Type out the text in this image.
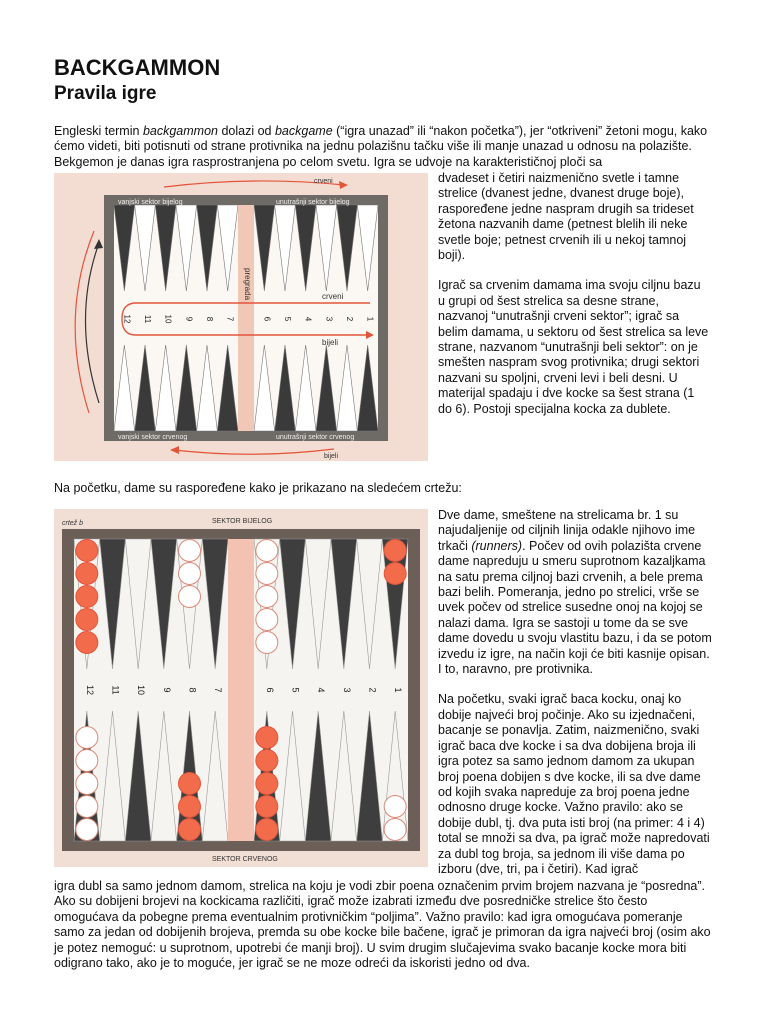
BACKGAMMON
Pravila igre

Engleski termin backgammon dolazi od backgame (“igra unazad” ili “nakon početka”), jer “otkriveni” žetoni mogu, kako ćemo videti, biti potisnuti od strane protivnika na jednu polazišnu tačku više ili manje unazad u odnosu na polazište. Bekgemon je danas igra rasprostranjena po celom svetu. Igra se udvoje na karakterističnoj ploči sa

pregrada
vanjski sektor bijelog	unutrašnji sektor bijelog
vanjski sektor crvenog	unutrašnji sektor crvenog
crveni
bijeli
12 11 10 9 8 7	6 5 4 3 2 1
crveni
bijeli

dvadeset i četiri naizmenično svetle i tamne strelice (dvanest jedne, dvanest druge boje), raspoređene jedne naspram drugih sa trideset žetona nazvanih dame (petnest blelih ili neke svetle boje; petnest crvenih ili u nekoj tamnoj boji).

Igrač sa crvenim damama ima svoju ciljnu bazu u grupi od šest strelica sa desne strane, nazvanoj “unutrašnji crveni sektor”; igrač sa belim damama, u sektoru od šest strelica sa leve strane, nazvanom “unutrašnji beli sektor”: on je smešten naspram svog protivnika; drugi sektori nazvani su spoljni, crveni levi i beli desni. U materijal spadaju i dve kocke sa šest strana (1 do 6). Postoji specijalna kocka za dublete.

Na početku, dame su raspoređene kako je prikazano na sledećem crtežu:

crtež b	SEKTOR BIJELOG
SEKTOR CRVENOG
12 11 10 9 8 7	6 5 4 3 2 1

Dve dame, smeštene na strelicama br. 1 su najudaljenije od ciljnih linija odakle njihovo ime trkači (runners). Počev od ovih polazišta crvene dame napreduju u smeru suprotnom kazaljkama na satu prema ciljnoj bazi crvenih, a bele prema bazi belih. Pomeranja, jedno po strelici, vrše se uvek počev od strelice susedne onoj na kojoj se nalazi dama. Igra se sastoji u tome da se sve dame dovedu u svoju vlastitu bazu, i da se potom izvedu iz igre, na način koji će biti kasnije opisan. I to, naravno, pre protivnika.

Na početku, svaki igrač baca kocku, onaj ko dobije najveći broj počinje. Ako su izjednačeni, bacanje se ponavlja. Zatim, naizmenično, svaki igrač baca dve kocke i sa dva dobijena broja ili igra potez sa samo jednom damom za ukupan broj poena dobijen s dve kocke, ili sa dve dame od kojih svaka napreduje za broj poena jedne odnosno druge kocke. Važno pravilo: ako se dobije dubl, tj. dva puta isti broj (na primer: 4 i 4) total se množi sa dva, pa igrač može napredovati za dubl tog broja, sa jednom ili više dama po izboru (dve, tri, pa i četiri). Kad igrač

igra dubl sa samo jednom damom, strelica na koju je vodi zbir poena označenim prvim brojem nazvana je “posredna”. Ako su dobijeni brojevi na kockicama različiti, igrač može izabrati između dve posredničke strelice što često omogućava da pobegne prema eventualnim protivničkim “poljima”. Važno pravilo: kad igra omogućava pomeranje samo za jedan od dobijenih brojeva, premda su obe kocke bile bačene, igrač je primoran da igra najveći broj (osim ako je potez nemoguć: u suprotnom, upotrebi će manji broj). U svim drugim slučajevima svako bacanje kocke mora biti odigrano tako, ako je to moguće, jer igrač se ne moze odreći da iskoristi jedno od dva.
